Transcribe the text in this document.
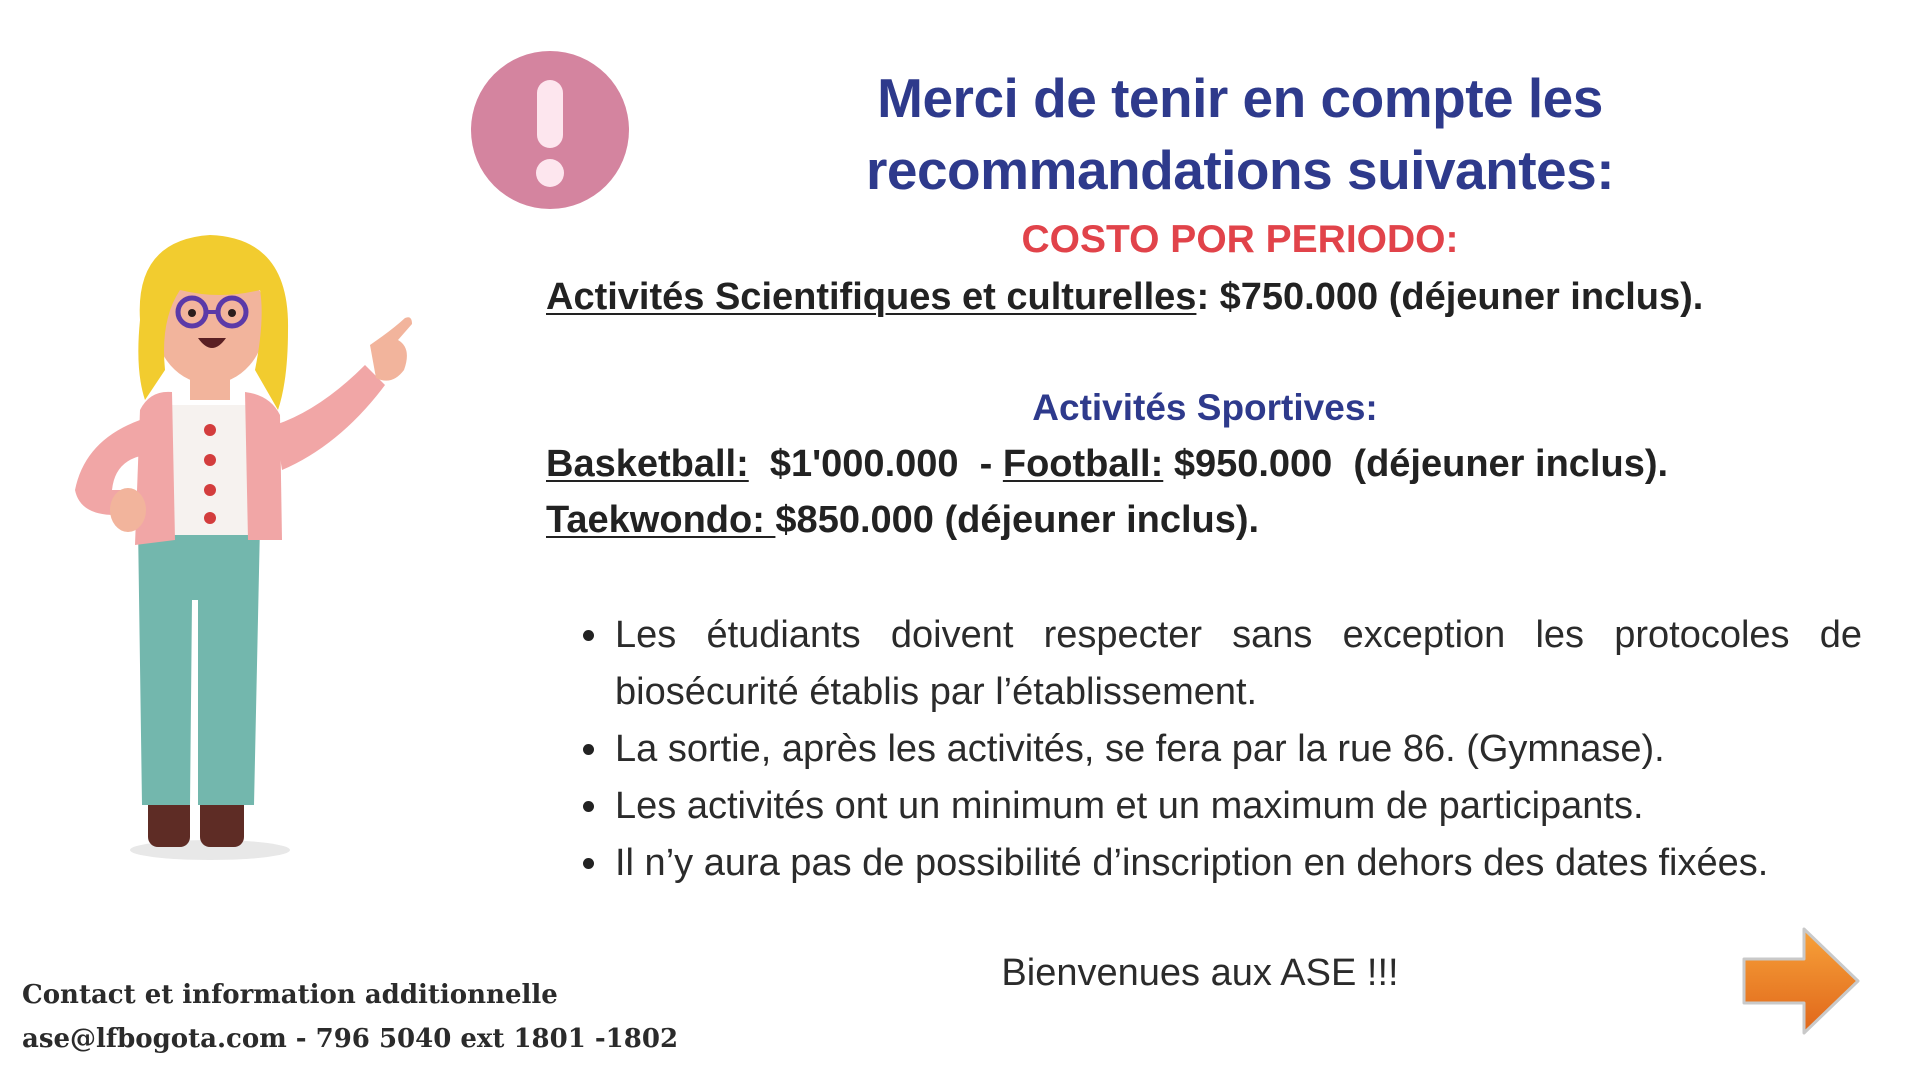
Merci de tenir en compte les
recommandations suivantes:
COSTO POR PERIODO:
Activités Scientifiques et culturelles: $750.000 (déjeuner inclus).
Activités Sportives:
Basketball:  $1'000.000  - Football: $950.000  (déjeuner inclus).
Taekwondo: $850.000 (déjeuner inclus).
Les étudiants doivent respecter sans exception les protocoles de biosécurité établis par l’établissement.
La sortie, après les activités, se fera par la rue 86. (Gymnase).
Les activités ont un minimum et un maximum de participants.
Il n’y aura pas de possibilité d’inscription en dehors des dates fixées.
Bienvenues aux ASE !!!
Contact et information additionnelle
ase@lfbogota.com - 796 5040 ext 1801 -1802
